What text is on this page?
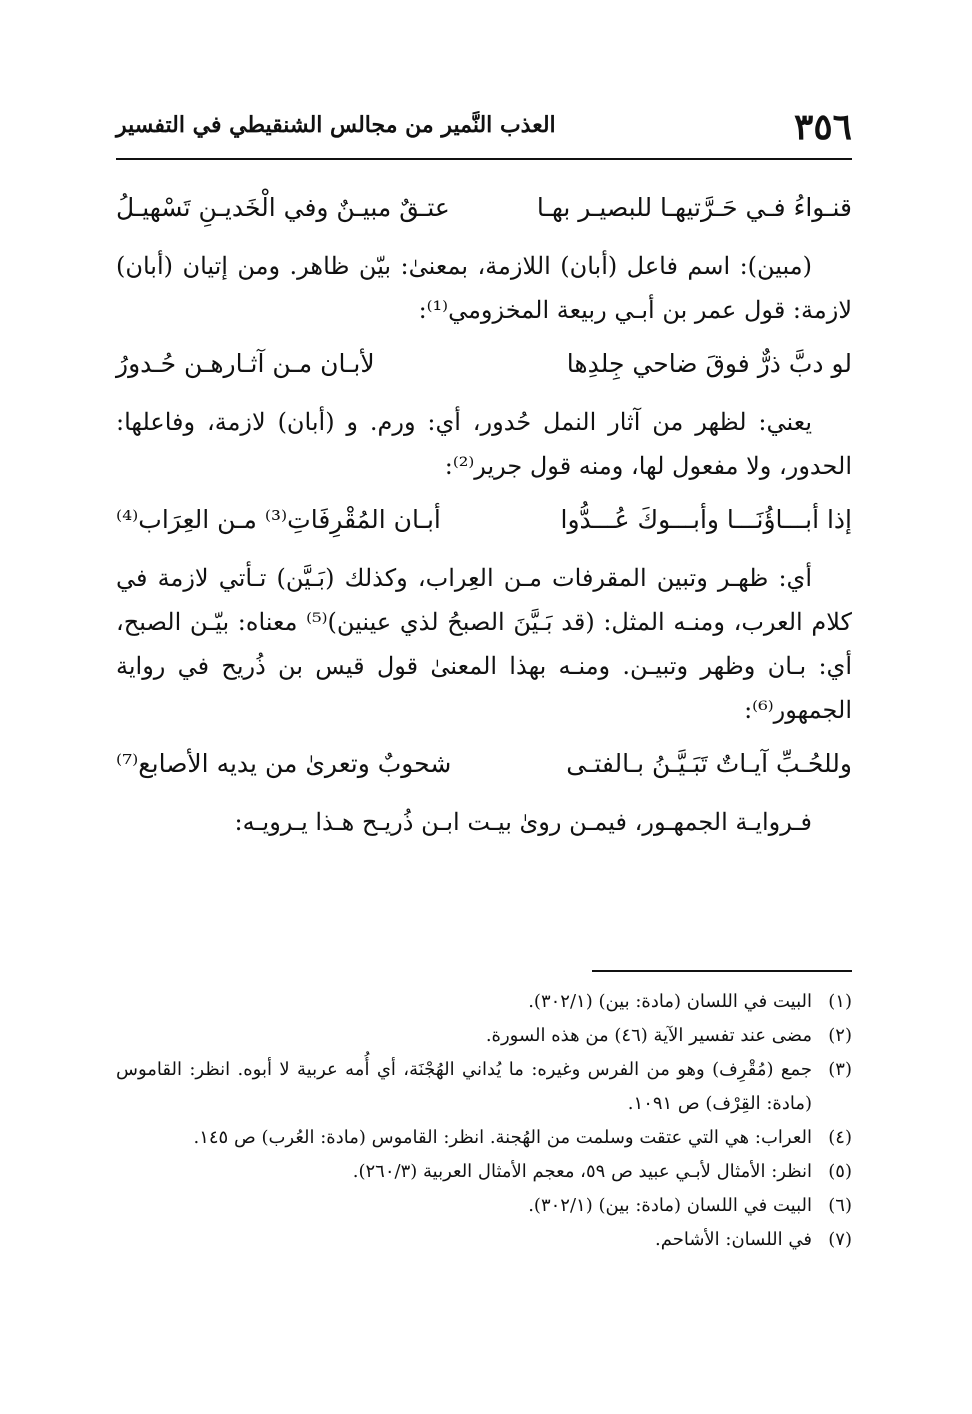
٣٥٦
العذب النَّمير من مجالس الشنقيطي في التفسير
قنـواءُ فـي حَـرَّتيهـا للبصيـر بهـا
عتـقٌ مبيـنٌ وفي الْخَديـنِ تَسْهيـلُ

(مبين): اسم فاعل (أبان) اللازمة، بمعنىٰ: بيّن ظاهر. ومن إتيان (أبان) لازمة: قول عمر بن أبـي ربيعة المخزومي⁽¹⁾:

لو دبَّ ذرٌّ فوقَ ضاحي جِلدِها
لأبـان مـن آثـارهـن حُـدورُ

يعني: لظهر من آثار النمل حُدور، أي: ورم. و (أبان) لازمة، وفاعلها: الحدور، ولا مفعول لها، ومنه قول جرير⁽²⁾:

إذا أبـــاؤُنَـــا وأبـــوكَ عُـــدُّوا
أبـان المُقْرِفَاتِ⁽³⁾ مـن العِرَاب⁽⁴⁾

أي: ظهـر وتبين المقرفات مـن العِراب، وكذلك (بَـيَّن) تـأتي لازمة في كلام العرب، ومنـه المثل: (قد بَـيَّنَ الصبحُ لذي عينين)⁽⁵⁾ معناه: بيّـن الصبح، أي: بـان وظهر وتبيـن. ومنـه بهذا المعنىٰ قول قيس بن ذُريح في رواية الجمهور⁽⁶⁾:

وللحُـبِّ آيـاتٌ تَبَـيَّـنُ بـالفتـى
شحوبٌ وتعرىٰ من يديه الأصابع⁽⁷⁾

فـروايـة الجمهـور، فيمـن روىٰ بيـت ابـن ذُريـح هـذا يـرويـه:

(١)
البيت في اللسان (مادة: بين) (٣٠٢/١).
(٢)
مضى عند تفسير الآية (٤٦) من هذه السورة.
(٣)
جمع (مُقْرِف) وهو من الفرس وغيره: ما يُداني الهُجْنَة، أي أُمه عربية لا أبوه. انظر: القاموس (مادة: القِرْف) ص ١٠٩١.
(٤)
العراب: هي التي عتقت وسلمت من الهُجنة. انظر: القاموس (مادة: العُرب) ص ١٤٥.
(٥)
انظر: الأمثال لأبـي عبيد ص ٥٩، معجم الأمثال العربية (٢٦٠/٣).
(٦)
البيت في اللسان (مادة: بين) (٣٠٢/١).
(٧)
في اللسان: الأشاحم.
